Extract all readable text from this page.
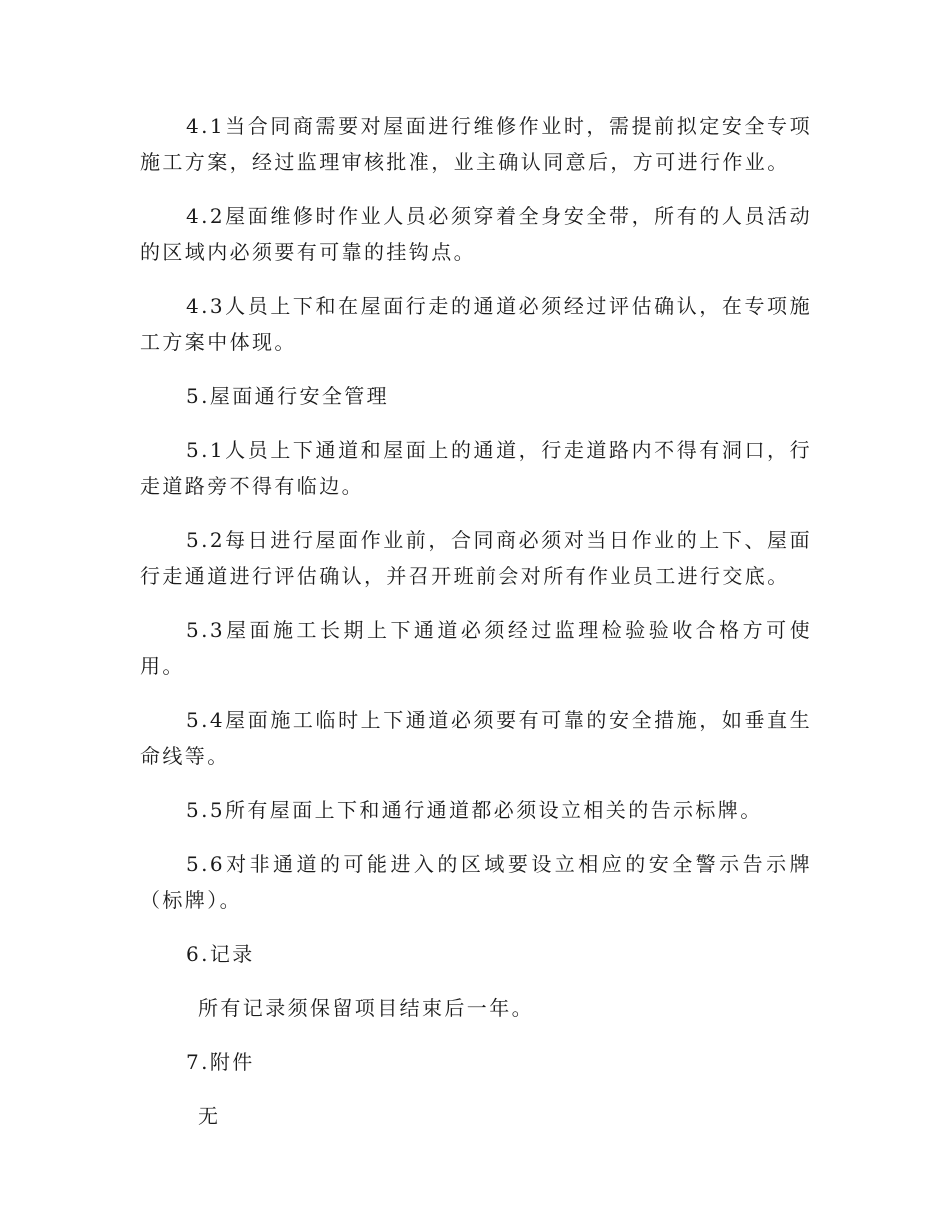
4.1当合同商需要对屋面进行维修作业时，需提前拟定安全专项施工方案，经过监理审核批准，业主确认同意后，方可进行作业。

4.2屋面维修时作业人员必须穿着全身安全带，所有的人员活动的区域内必须要有可靠的挂钩点。

4.3人员上下和在屋面行走的通道必须经过评估确认，在专项施工方案中体现。

5.屋面通行安全管理

5.1人员上下通道和屋面上的通道，行走道路内不得有洞口，行走道路旁不得有临边。

5.2每日进行屋面作业前，合同商必须对当日作业的上下、屋面行走通道进行评估确认，并召开班前会对所有作业员工进行交底。

5.3屋面施工长期上下通道必须经过监理检验验收合格方可使用。

5.4屋面施工临时上下通道必须要有可靠的安全措施，如垂直生命线等。

5.5所有屋面上下和通行通道都必须设立相关的告示标牌。

5.6对非通道的可能进入的区域要设立相应的安全警示告示牌（标牌）。

6.记录

所有记录须保留项目结束后一年。

7.附件

无
